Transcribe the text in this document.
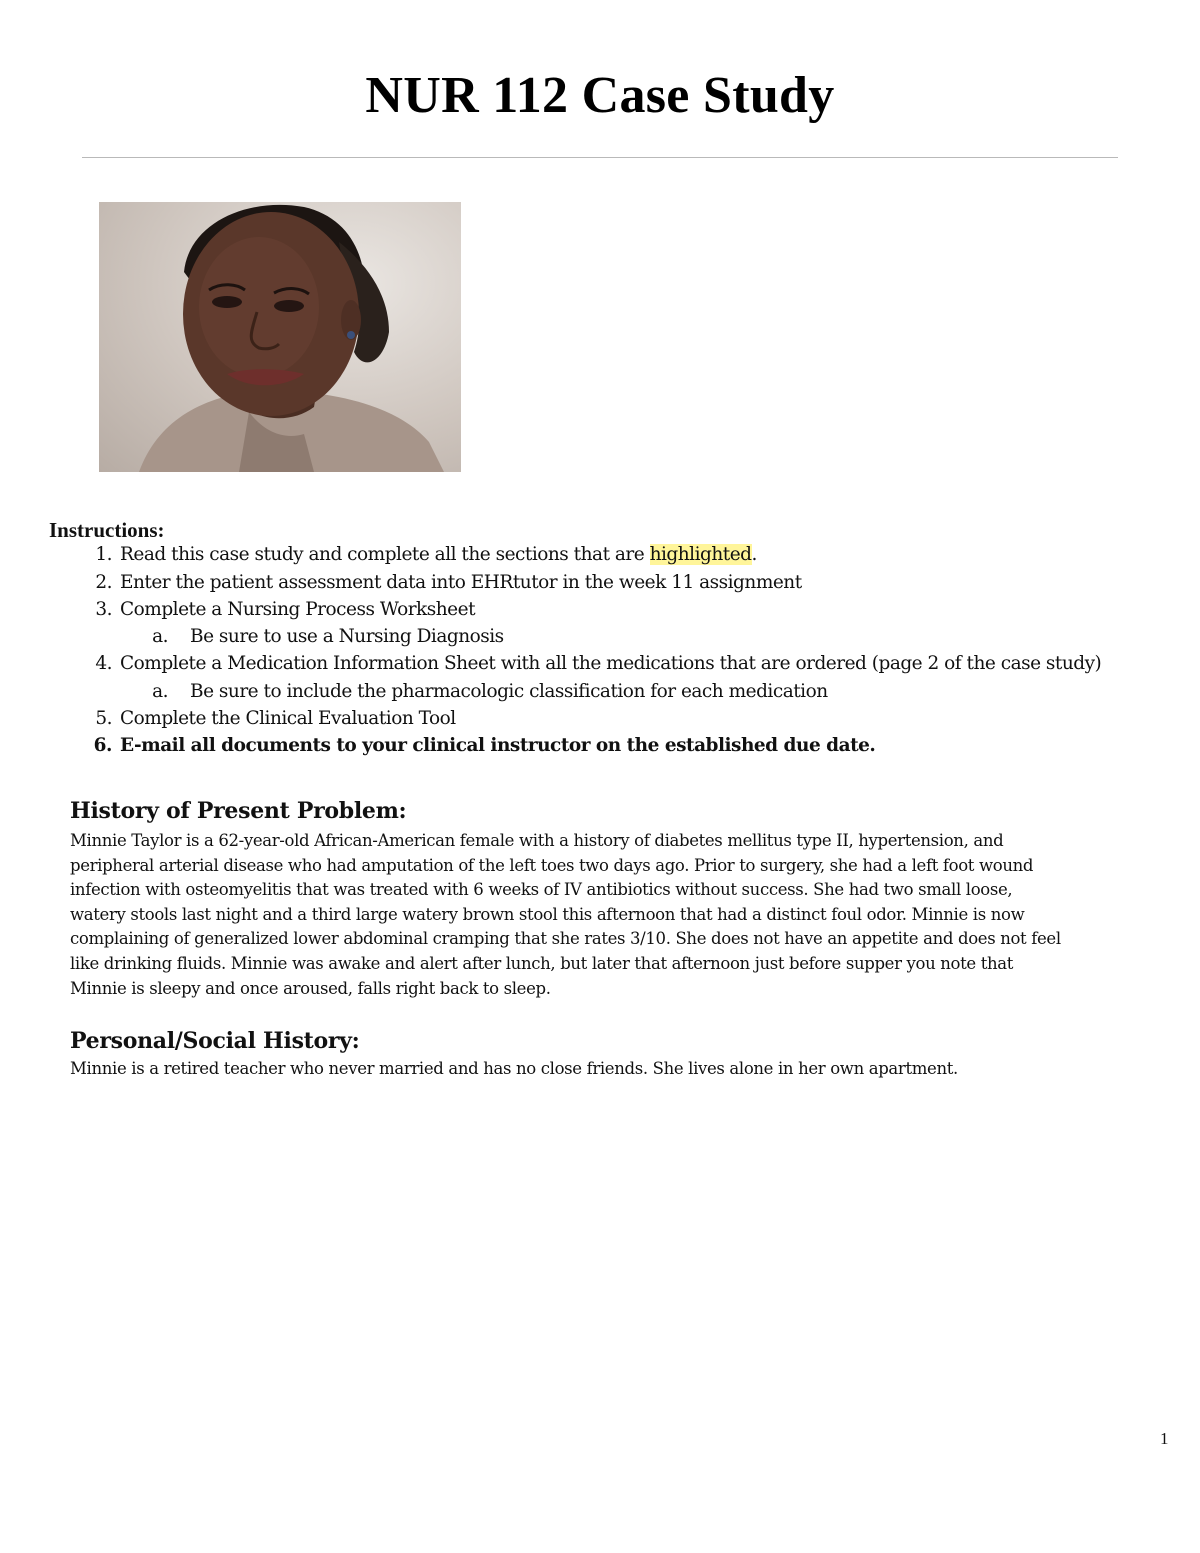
NUR 112 Case Study
Instructions:
1. Read this case study and complete all the sections that are highlighted.
2. Enter the patient assessment data into EHRtutor in the week 11 assignment
3. Complete a Nursing Process Worksheet
a. Be sure to use a Nursing Diagnosis
4. Complete a Medication Information Sheet with all the medications that are ordered (page 2 of the case study)
a. Be sure to include the pharmacologic classification for each medication
5. Complete the Clinical Evaluation Tool
6. E-mail all documents to your clinical instructor on the established due date.
History of Present Problem:
Minnie Taylor is a 62-year-old African-American female with a history of diabetes mellitus type II, hypertension, and
peripheral arterial disease who had amputation of the left toes two days ago. Prior to surgery, she had a left foot wound
infection with osteomyelitis that was treated with 6 weeks of IV antibiotics without success. She had two small loose,
watery stools last night and a third large watery brown stool this afternoon that had a distinct foul odor. Minnie is now
complaining of generalized lower abdominal cramping that she rates 3/10. She does not have an appetite and does not feel
like drinking fluids. Minnie was awake and alert after lunch, but later that afternoon just before supper you note that
Minnie is sleepy and once aroused, falls right back to sleep.
Personal/Social History:
Minnie is a retired teacher who never married and has no close friends. She lives alone in her own apartment.
1
